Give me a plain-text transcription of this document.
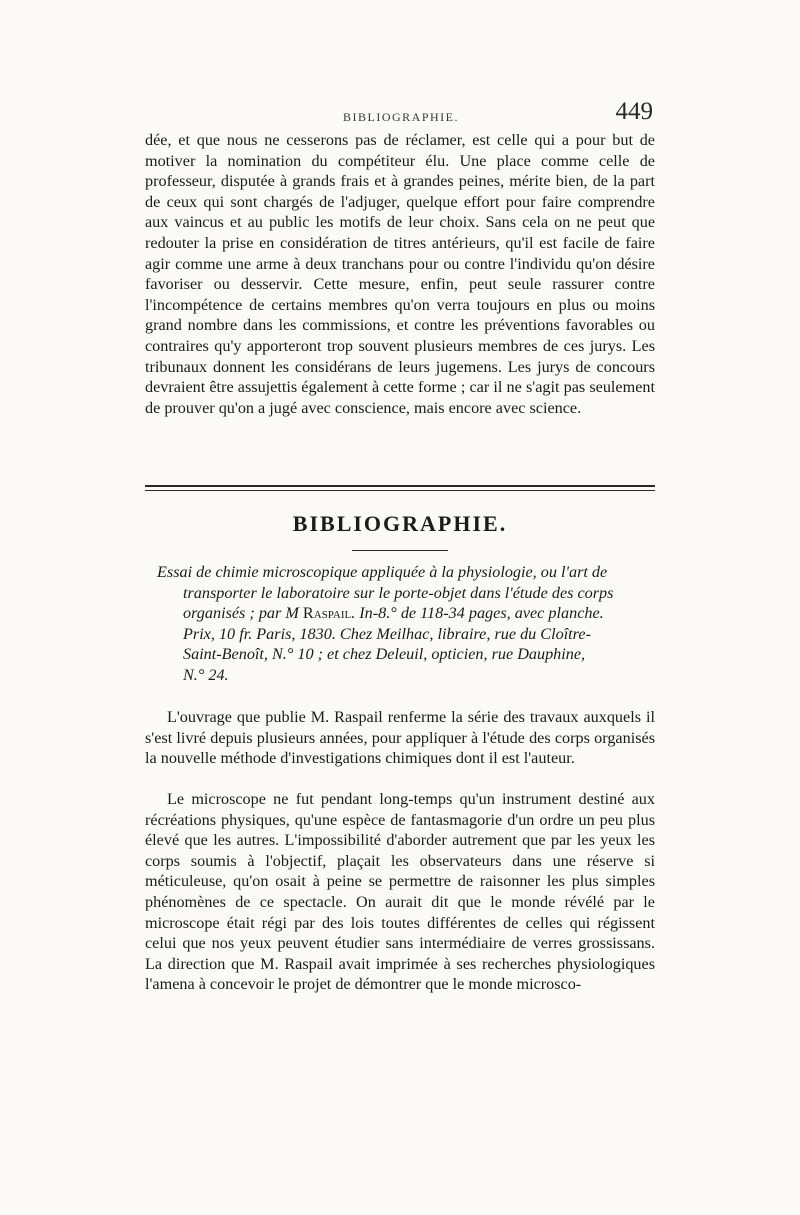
BIBLIOGRAPHIE.	449

dée, et que nous ne cesserons pas de réclamer, est celle qui a pour but de motiver la nomination du compétiteur élu. Une place comme celle de professeur, disputée à grands frais et à grandes peines, mérite bien, de la part de ceux qui sont chargés de l'adjuger, quelque effort pour faire comprendre aux vaincus et au public les motifs de leur choix. Sans cela on ne peut que redouter la prise en considération de titres antérieurs, qu'il est facile de faire agir comme une arme à deux tranchans pour ou contre l'individu qu'on désire favoriser ou desservir. Cette mesure, enfin, peut seule rassurer contre l'incompétence de certains membres qu'on verra toujours en plus ou moins grand nombre dans les commissions, et contre les préventions favorables ou contraires qu'y apporteront trop souvent plusieurs membres de ces jurys. Les tribunaux donnent les considérans de leurs jugemens. Les jurys de concours devraient être assujettis également à cette forme ; car il ne s'agit pas seulement de prouver qu'on a jugé avec conscience, mais encore avec science.

BIBLIOGRAPHIE.
Essai de chimie microscopique appliquée à la physiologie, ou l'art de
transporter le laboratoire sur le porte-objet dans l'étude des corps
organisés ; par M Raspail. In-8.° de 118-34 pages, avec planche.
Prix, 10 fr. Paris, 1830. Chez Meilhac, libraire, rue du Cloître-
Saint-Benoît, N.° 10 ; et chez Deleuil, opticien, rue Dauphine,
N.° 24.

L'ouvrage que publie M. Raspail renferme la série des travaux auxquels il s'est livré depuis plusieurs années, pour appliquer à l'étude des corps organisés la nouvelle méthode d'investigations chimiques dont il est l'auteur.

Le microscope ne fut pendant long-temps qu'un instrument destiné aux récréations physiques, qu'une espèce de fantasmagorie d'un ordre un peu plus élevé que les autres. L'impossibilité d'aborder autrement que par les yeux les corps soumis à l'objectif, plaçait les observateurs dans une réserve si méticuleuse, qu'on osait à peine se permettre de raisonner les plus simples phénomènes de ce spectacle. On aurait dit que le monde révélé par le microscope était régi par des lois toutes différentes de celles qui régissent celui que nos yeux peuvent étudier sans intermédiaire de verres grossissans. La direction que M. Raspail avait imprimée à ses recherches physiologiques l'amena à concevoir le projet de démontrer que le monde microsco-
